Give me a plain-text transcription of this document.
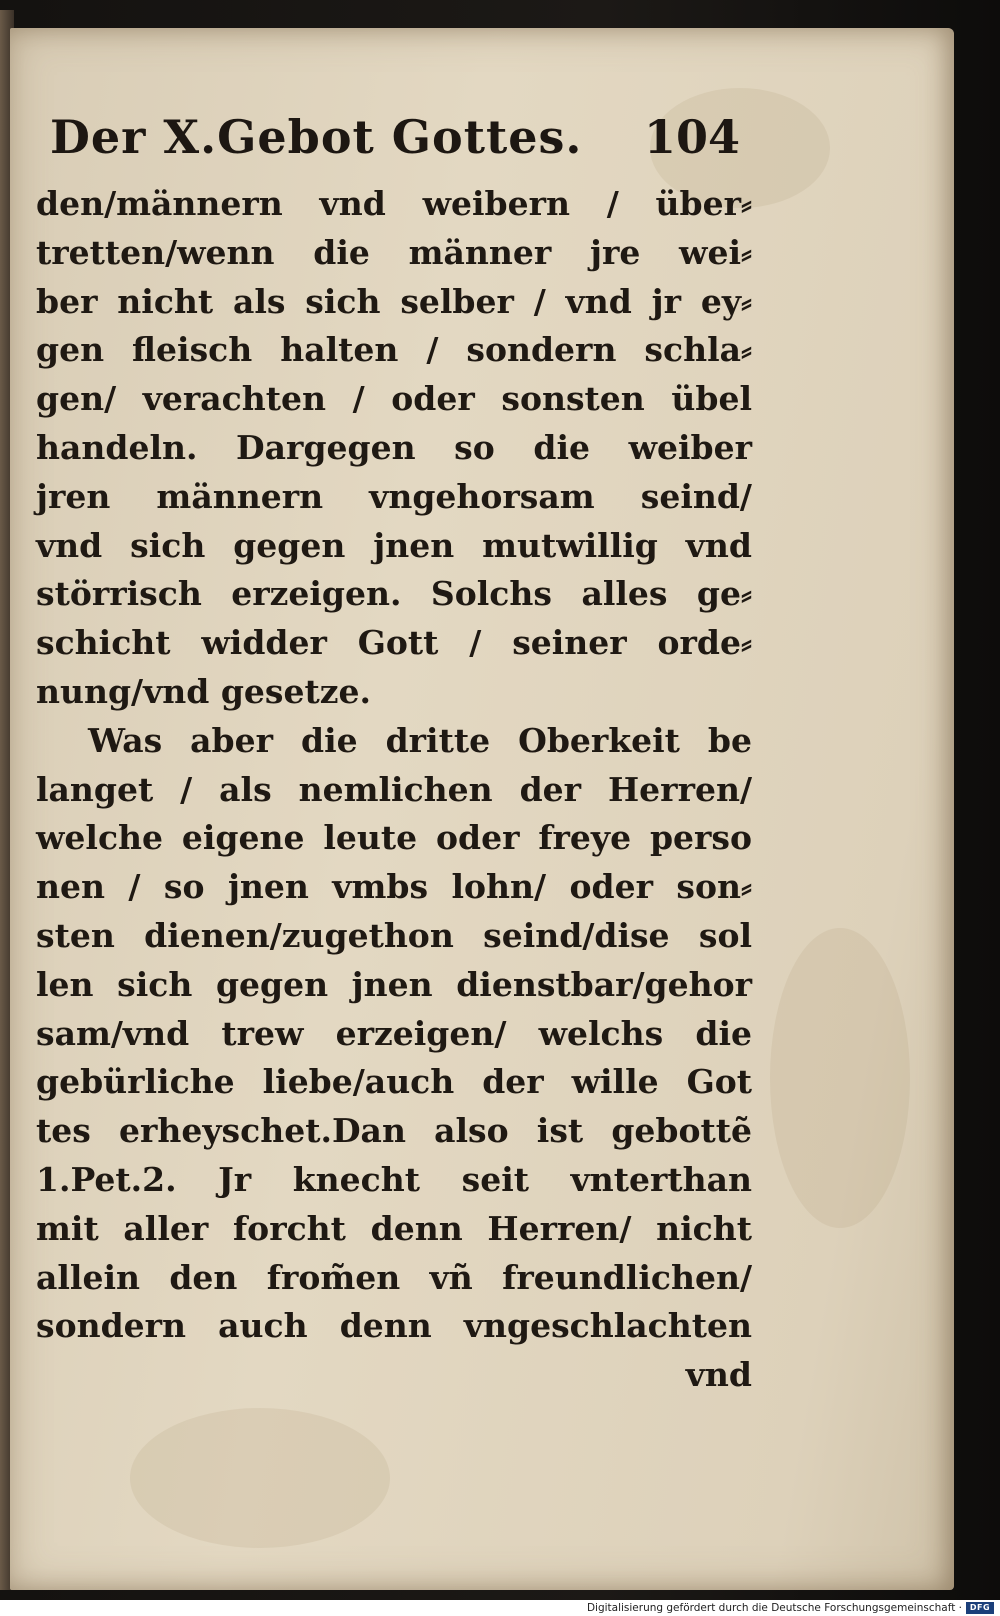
Der X.Gebot Gottes. 104
den/männern vnd weibern / über⸗
tretten/wenn die männer jre wei⸗
ber nicht als sich selber / vnd jr ey⸗
gen fleisch halten / sondern schla⸗
gen/ verachten / oder sonsten übel
handeln. Dargegen so die weiber
jren männern vngehorsam seind/
vnd sich gegen jnen mutwillig vnd
störrisch erzeigen. Solchs alles ge⸗
schicht widder Gott / seiner orde⸗
nung/vnd gesetze.
Was aber die dritte Oberkeit be
langet / als nemlichen der Herren/
welche eigene leute oder freye perso
nen / so jnen vmbs lohn/ oder son⸗
sten dienen/zugethon seind/dise sol
len sich gegen jnen dienstbar/gehor
sam/vnd trew erzeigen/ welchs die
gebürliche liebe/auch der wille Got
tes erheyschet.Dan also ist gebottẽ
1.Pet.2. Jr knecht seit vnterthan
mit aller forcht denn Herren/ nicht
allein den from̃en vñ freundlichen/
sondern auch denn vngeschlachten
vnd
Digitalisierung gefördert durch die Deutsche Forschungsgemeinschaft · DFG
